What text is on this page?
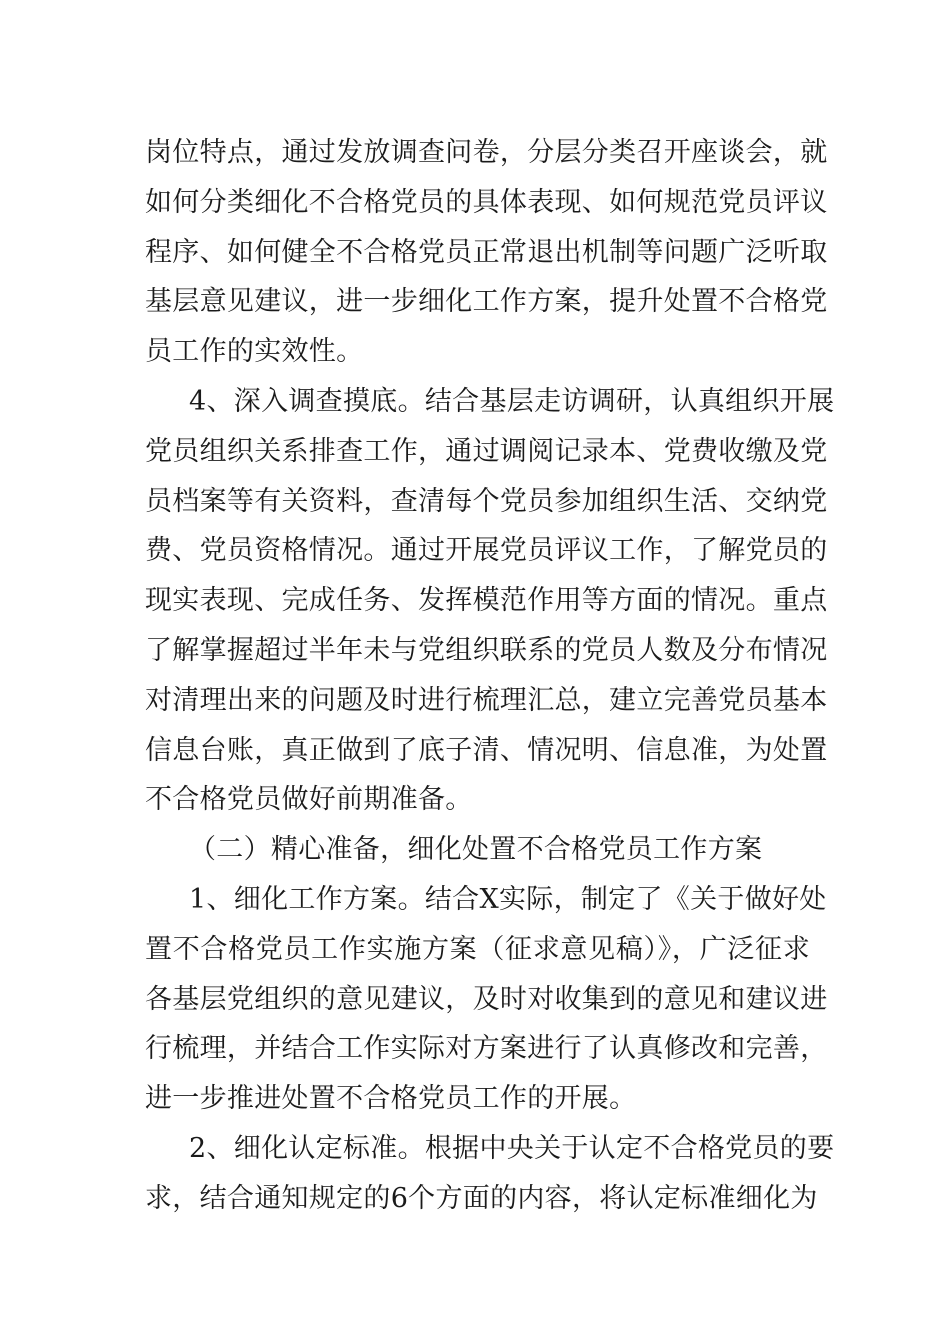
岗位特点，通过发放调查问卷，分层分类召开座谈会，就
如何分类细化不合格党员的具体表现、如何规范党员评议
程序、如何健全不合格党员正常退出机制等问题广泛听取
基层意见建议，进一步细化工作方案，提升处置不合格党
员工作的实效性。
4、深入调查摸底。结合基层走访调研，认真组织开展
党员组织关系排查工作，通过调阅记录本、党费收缴及党
员档案等有关资料，查清每个党员参加组织生活、交纳党
费、党员资格情况。通过开展党员评议工作，了解党员的
现实表现、完成任务、发挥模范作用等方面的情况。重点
了解掌握超过半年未与党组织联系的党员人数及分布情况
对清理出来的问题及时进行梳理汇总，建立完善党员基本
信息台账，真正做到了底子清、情况明、信息准，为处置
不合格党员做好前期准备。
（二）精心准备，细化处置不合格党员工作方案
1、细化工作方案。结合X实际，制定了《关于做好处
置不合格党员工作实施方案（征求意见稿）》，广泛征求
各基层党组织的意见建议，及时对收集到的意见和建议进
行梳理，并结合工作实际对方案进行了认真修改和完善，
进一步推进处置不合格党员工作的开展。
2、细化认定标准。根据中央关于认定不合格党员的要
求，结合通知规定的6个方面的内容，将认定标准细化为
